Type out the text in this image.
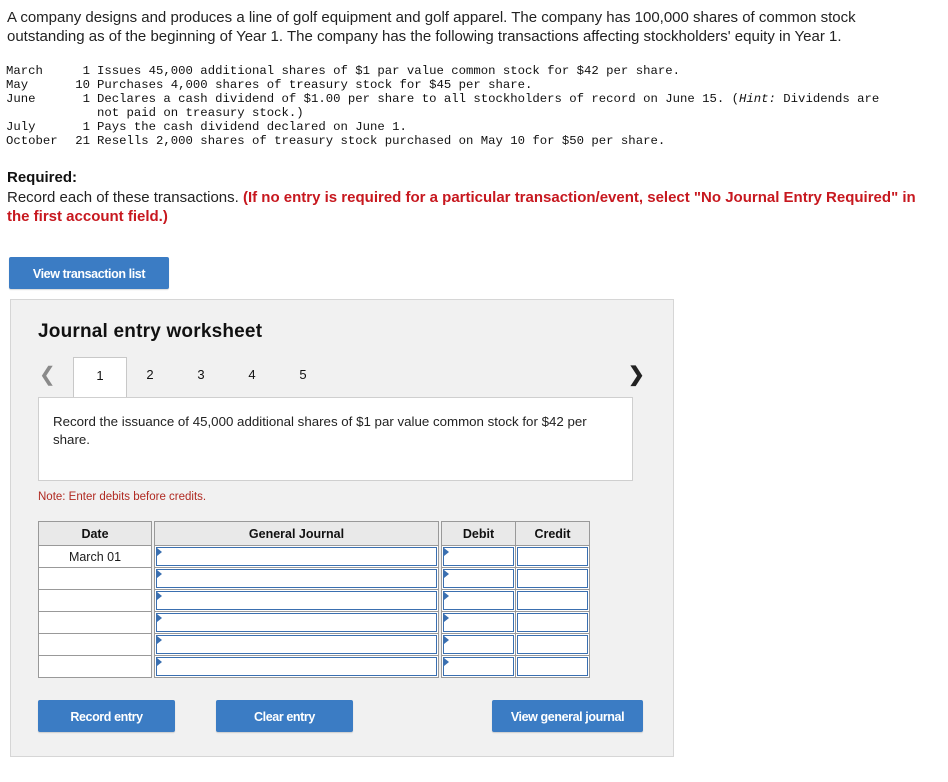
A company designs and produces a line of golf equipment and golf apparel. The company has 100,000 shares of common stock outstanding as of the beginning of Year 1. The company has the following transactions affecting stockholders' equity in Year 1.

March	1	Issues 45,000 additional shares of $1 par value common stock for $42 per share.
May	10	Purchases 4,000 shares of treasury stock for $45 per share.
June	1	Declares a cash dividend of $1.00 per share to all stockholders of record on June 15. (Hint: Dividends are
		not paid on treasury stock.)
July	1	Pays the cash dividend declared on June 1.
October	21	Resells 2,000 shares of treasury stock purchased on May 10 for $50 per share.

Required:

Record each of these transactions. (If no entry is required for a particular transaction/event, select "No Journal Entry Required" in the first account field.)

View transaction list

Journal entry worksheet

❮	1	2	3	4	5	❯

Record the issuance of 45,000 additional shares of $1 par value common stock for $42 per share.

Note: Enter debits before credits.

Date		General Journal		Debit	Credit
March 01		

Record entry	Clear entry	View general journal
